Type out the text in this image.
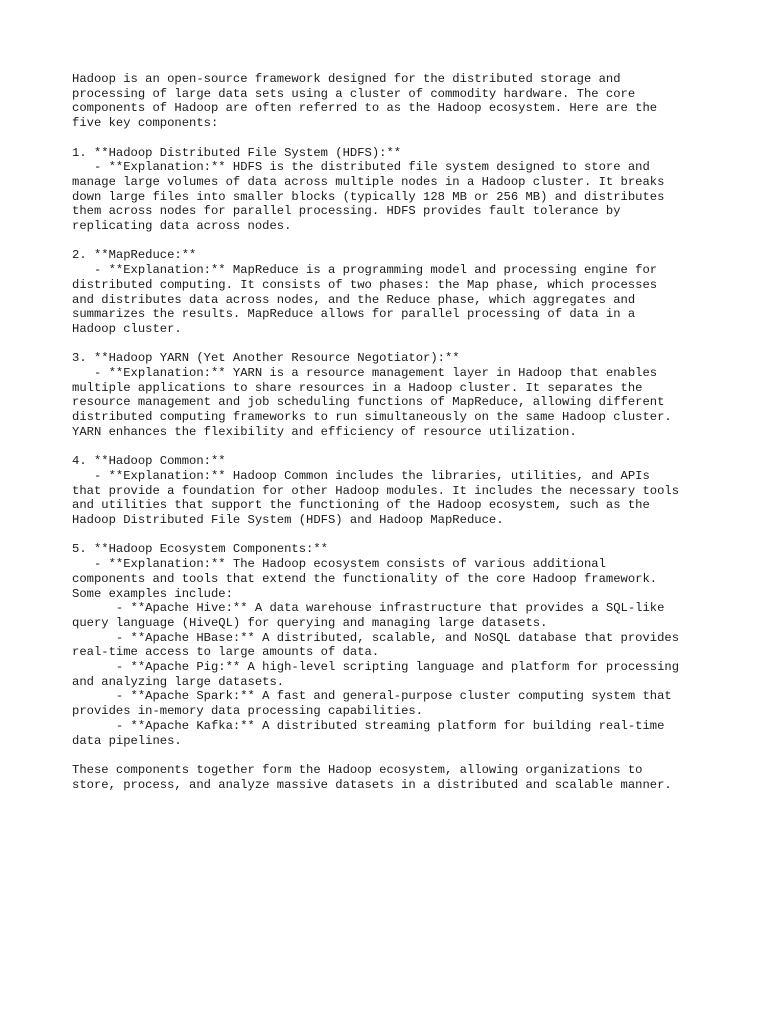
Hadoop is an open-source framework designed for the distributed storage and
processing of large data sets using a cluster of commodity hardware. The core
components of Hadoop are often referred to as the Hadoop ecosystem. Here are the
five key components:
1. **Hadoop Distributed File System (HDFS):**
- **Explanation:** HDFS is the distributed file system designed to store and
manage large volumes of data across multiple nodes in a Hadoop cluster. It breaks
down large files into smaller blocks (typically 128 MB or 256 MB) and distributes
them across nodes for parallel processing. HDFS provides fault tolerance by
replicating data across nodes.
2. **MapReduce:**
- **Explanation:** MapReduce is a programming model and processing engine for
distributed computing. It consists of two phases: the Map phase, which processes
and distributes data across nodes, and the Reduce phase, which aggregates and
summarizes the results. MapReduce allows for parallel processing of data in a
Hadoop cluster.
3. **Hadoop YARN (Yet Another Resource Negotiator):**
- **Explanation:** YARN is a resource management layer in Hadoop that enables
multiple applications to share resources in a Hadoop cluster. It separates the
resource management and job scheduling functions of MapReduce, allowing different
distributed computing frameworks to run simultaneously on the same Hadoop cluster.
YARN enhances the flexibility and efficiency of resource utilization.
4. **Hadoop Common:**
- **Explanation:** Hadoop Common includes the libraries, utilities, and APIs
that provide a foundation for other Hadoop modules. It includes the necessary tools
and utilities that support the functioning of the Hadoop ecosystem, such as the
Hadoop Distributed File System (HDFS) and Hadoop MapReduce.
5. **Hadoop Ecosystem Components:**
- **Explanation:** The Hadoop ecosystem consists of various additional
components and tools that extend the functionality of the core Hadoop framework.
Some examples include:
- **Apache Hive:** A data warehouse infrastructure that provides a SQL-like
query language (HiveQL) for querying and managing large datasets.
- **Apache HBase:** A distributed, scalable, and NoSQL database that provides
real-time access to large amounts of data.
- **Apache Pig:** A high-level scripting language and platform for processing
and analyzing large datasets.
- **Apache Spark:** A fast and general-purpose cluster computing system that
provides in-memory data processing capabilities.
- **Apache Kafka:** A distributed streaming platform for building real-time
data pipelines.
These components together form the Hadoop ecosystem, allowing organizations to
store, process, and analyze massive datasets in a distributed and scalable manner.
